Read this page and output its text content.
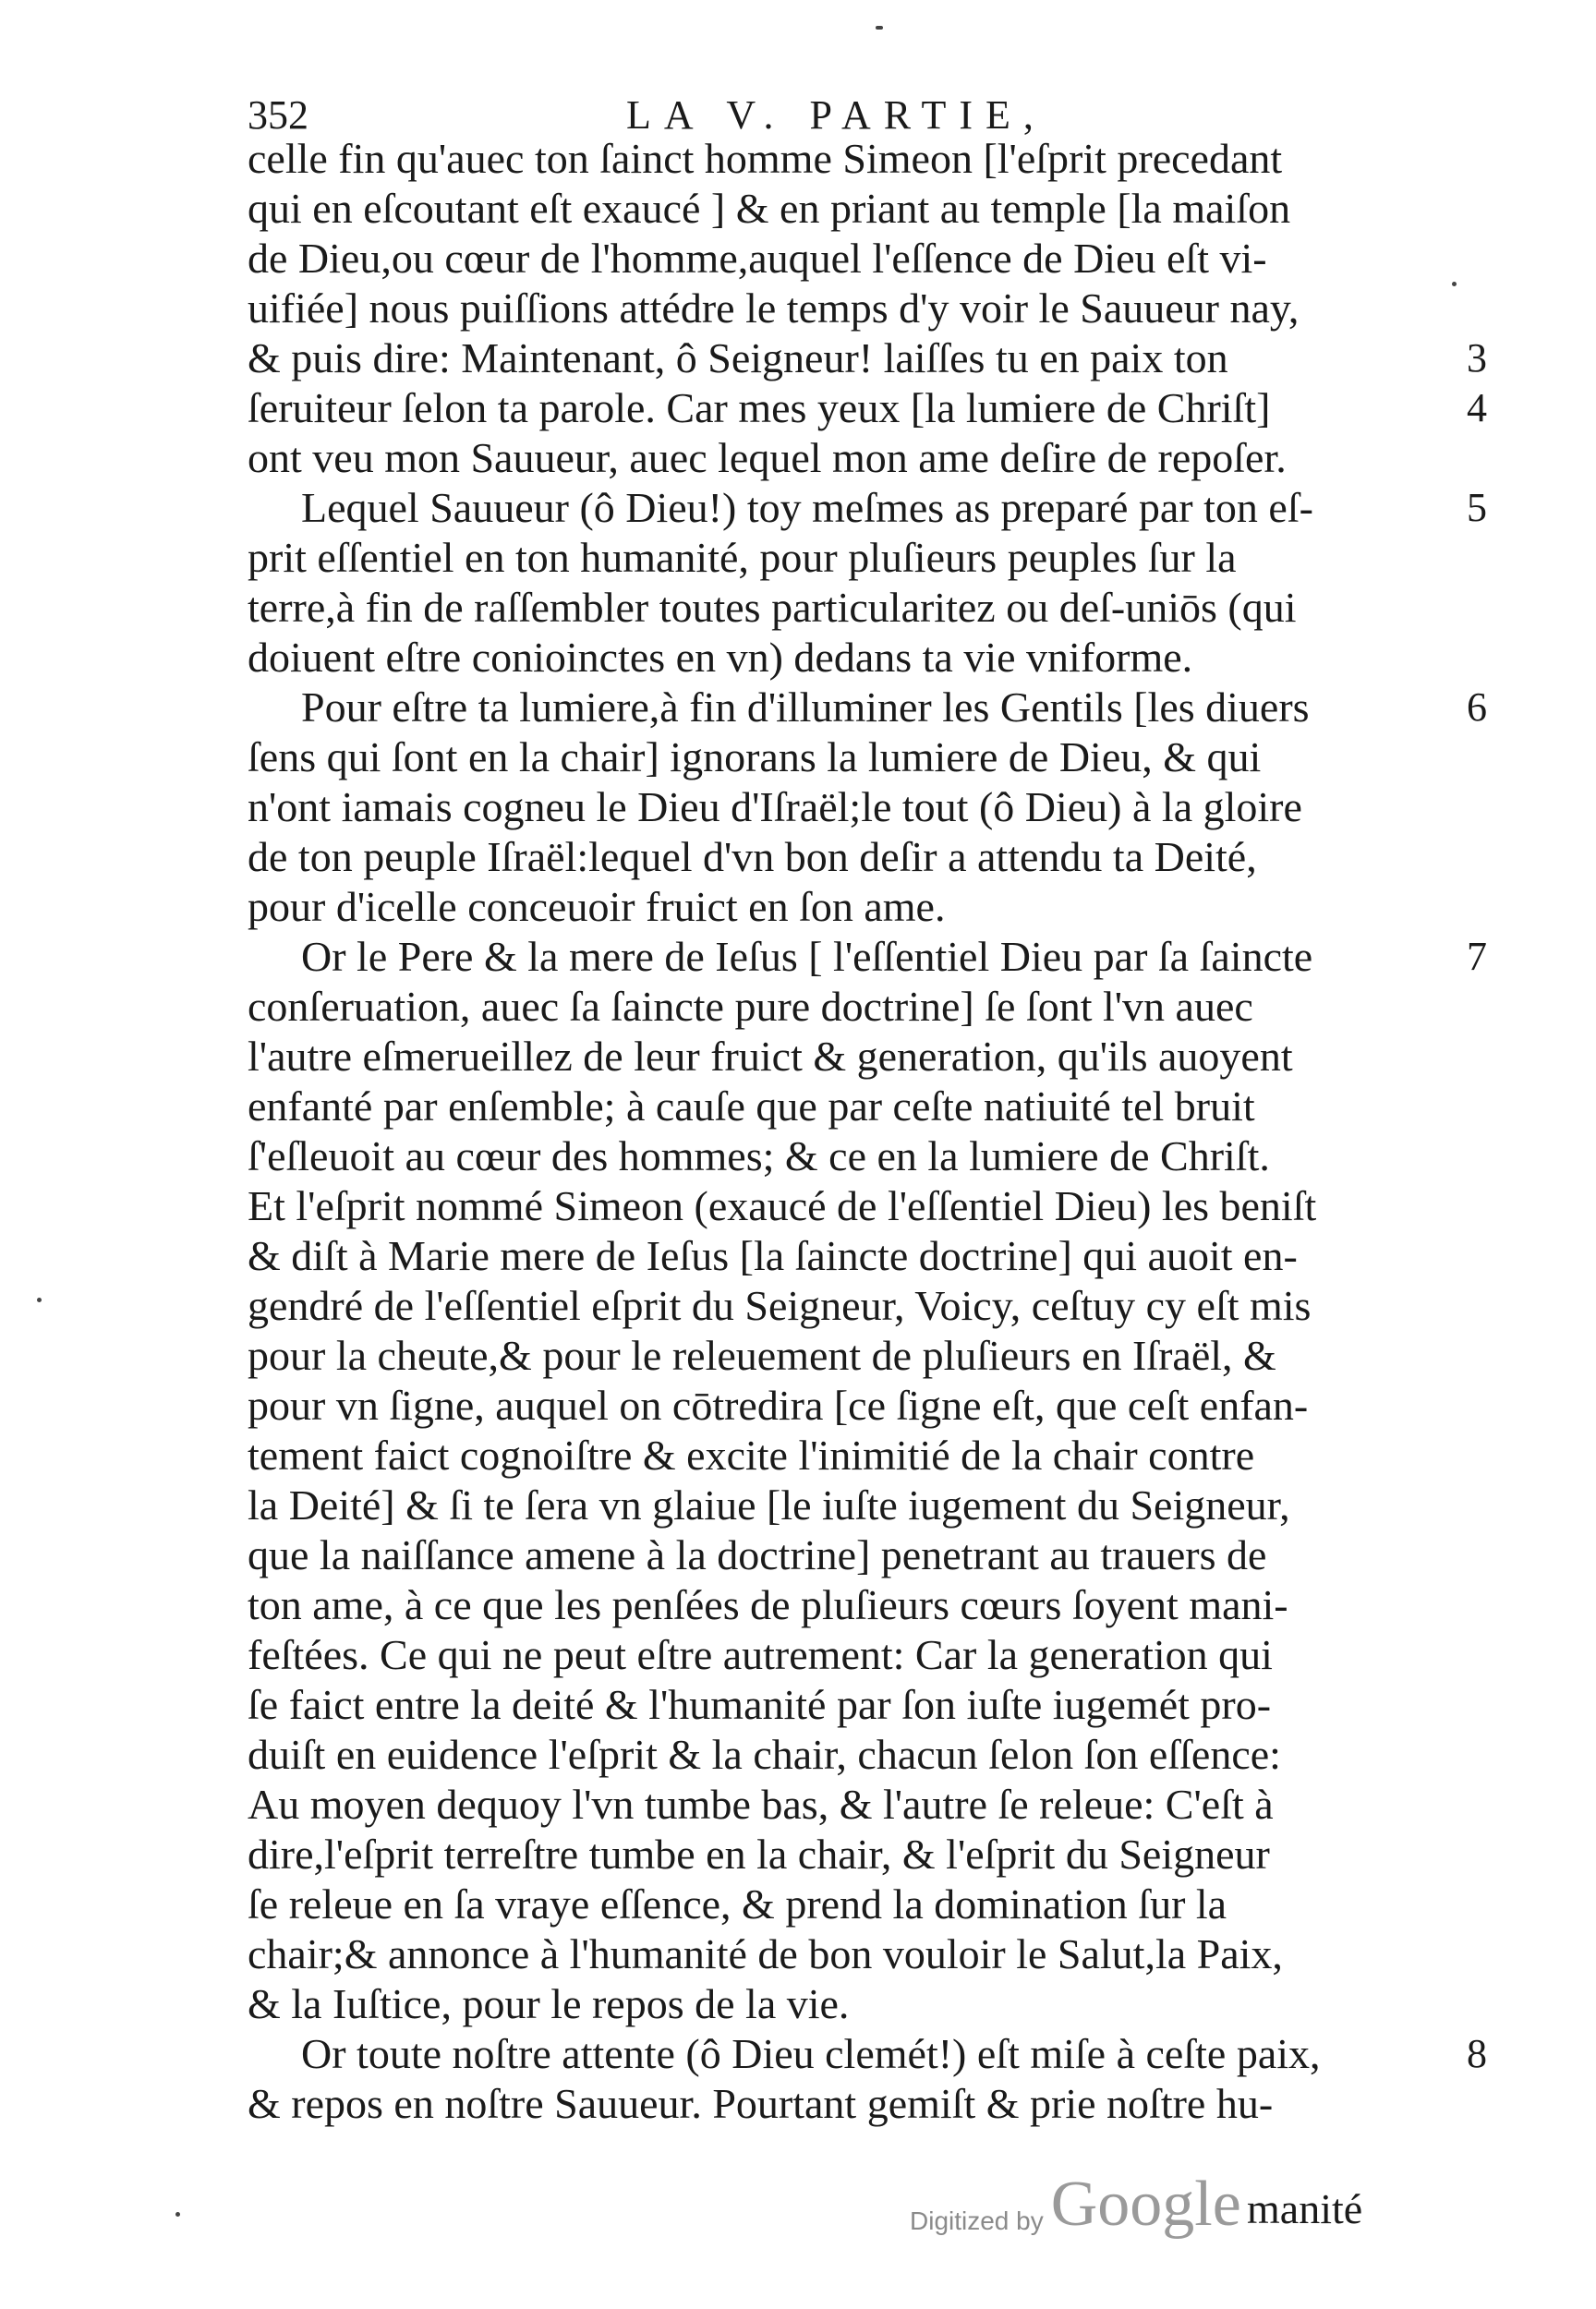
352	LA V. PARTIE,
celle fin qu'auec ton ſainct homme Simeon [l'eſprit precedant
qui en eſcoutant eſt exaucé ] & en priant au temple [la maiſon
de Dieu,ou cœur de l'homme,auquel l'eſſence de Dieu eſt vi-
uifiée] nous puiſſions attédre le temps d'y voir le Sauueur nay,
& puis dire: Maintenant, ô Seigneur! laiſſes tu en paix ton	3
ſeruiteur ſelon ta parole. Car mes yeux [la lumiere de Chriſt]	4
ont veu mon Sauueur, auec lequel mon ame deſire de repoſer.
Lequel Sauueur (ô Dieu!) toy meſmes as preparé par ton eſ-	5
prit eſſentiel en ton humanité, pour pluſieurs peuples ſur la
terre,à fin de raſſembler toutes particularitez ou deſ-uniōs (qui
doiuent eſtre conioinctes en vn) dedans ta vie vniforme.
Pour eſtre ta lumiere,à fin d'illuminer les Gentils [les diuers	6
ſens qui ſont en la chair] ignorans la lumiere de Dieu, & qui
n'ont iamais cogneu le Dieu d'Iſraël;le tout (ô Dieu) à la gloire
de ton peuple Iſraël:lequel d'vn bon deſir a attendu ta Deité,
pour d'icelle conceuoir fruict en ſon ame.
Or le Pere & la mere de Ieſus [ l'eſſentiel Dieu par ſa ſaincte	7
conſeruation, auec ſa ſaincte pure doctrine] ſe ſont l'vn auec
l'autre eſmerueillez de leur fruict & generation, qu'ils auoyent
enfanté par enſemble; à cauſe que par ceſte natiuité tel bruit
ſ'eſleuoit au cœur des hommes; & ce en la lumiere de Chriſt.
Et l'eſprit nommé Simeon (exaucé de l'eſſentiel Dieu) les beniſt
& diſt à Marie mere de Ieſus [la ſaincte doctrine] qui auoit en-
gendré de l'eſſentiel eſprit du Seigneur, Voicy, ceſtuy cy eſt mis
pour la cheute,& pour le releuement de pluſieurs en Iſraël, &
pour vn ſigne, auquel on cōtredira [ce ſigne eſt, que ceſt enfan-
tement faict cognoiſtre & excite l'inimitié de la chair contre
la Deité] & ſi te ſera vn glaiue [le iuſte iugement du Seigneur,
que la naiſſance amene à la doctrine] penetrant au trauers de
ton ame, à ce que les penſées de pluſieurs cœurs ſoyent mani-
feſtées. Ce qui ne peut eſtre autrement: Car la generation qui
ſe faict entre la deité & l'humanité par ſon iuſte iugemét pro-
duiſt en euidence l'eſprit & la chair, chacun ſelon ſon eſſence:
Au moyen dequoy l'vn tumbe bas, & l'autre ſe releue: C'eſt à
dire,l'eſprit terreſtre tumbe en la chair, & l'eſprit du Seigneur
ſe releue en ſa vraye eſſence, & prend la domination ſur la
chair;& annonce à l'humanité de bon vouloir le Salut,la Paix,
& la Iuſtice, pour le repos de la vie.
Or toute noſtre attente (ô Dieu clemét!) eſt miſe à ceſte paix,	8
& repos en noſtre Sauueur. Pourtant gemiſt & prie noſtre hu-
manité
Digitized by Google
